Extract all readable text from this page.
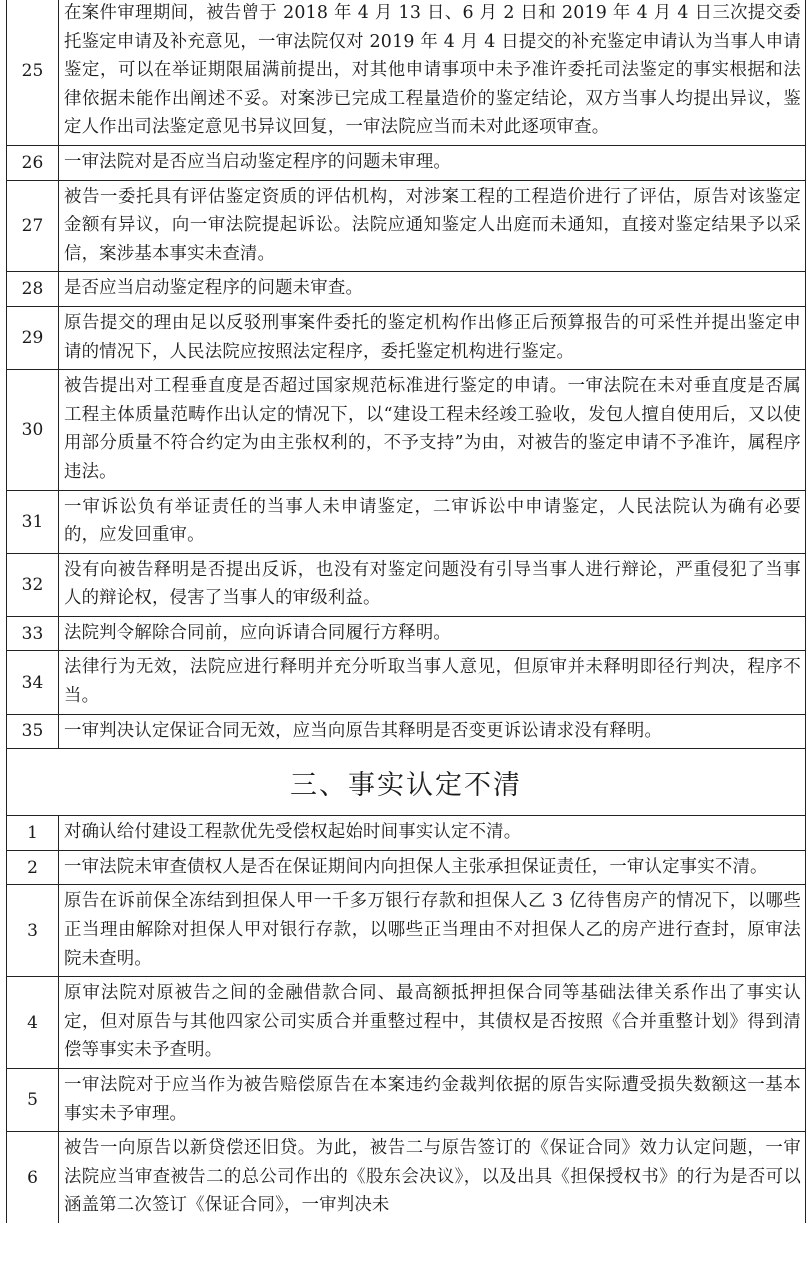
25	在案件审理期间，被告曾于 2018 年 4 月 13 日、6 月 2 日和 2019 年 4 月 4 日三次提交委托鉴定申请及补充意见，一审法院仅对 2019 年 4 月 4 日提交的补充鉴定申请认为当事人申请鉴定，可以在举证期限届满前提出，对其他申请事项中未予准许委托司法鉴定的事实根据和法律依据未能作出阐述不妥。对案涉已完成工程量造价的鉴定结论，双方当事人均提出异议，鉴定人作出司法鉴定意见书异议回复，一审法院应当而未对此逐项审查。
26	一审法院对是否应当启动鉴定程序的问题未审理。
27	被告一委托具有评估鉴定资质的评估机构，对涉案工程的工程造价进行了评估，原告对该鉴定金额有异议，向一审法院提起诉讼。法院应通知鉴定人出庭而未通知，直接对鉴定结果予以采信，案涉基本事实未查清。
28	是否应当启动鉴定程序的问题未审查。
29	原告提交的理由足以反驳刑事案件委托的鉴定机构作出修正后预算报告的可采性并提出鉴定申请的情况下，人民法院应按照法定程序，委托鉴定机构进行鉴定。
30	被告提出对工程垂直度是否超过国家规范标准进行鉴定的申请。一审法院在未对垂直度是否属工程主体质量范畴作出认定的情况下，以“建设工程未经竣工验收，发包人擅自使用后，又以使用部分质量不符合约定为由主张权利的，不予支持”为由，对被告的鉴定申请不予准许，属程序违法。
31	一审诉讼负有举证责任的当事人未申请鉴定，二审诉讼中申请鉴定，人民法院认为确有必要的，应发回重审。
32	没有向被告释明是否提出反诉，也没有对鉴定问题没有引导当事人进行辩论，严重侵犯了当事人的辩论权，侵害了当事人的审级利益。
33	法院判令解除合同前，应向诉请合同履行方释明。
34	法律行为无效，法院应进行释明并充分听取当事人意见，但原审并未释明即径行判决，程序不当。
35	一审判决认定保证合同无效，应当向原告其释明是否变更诉讼请求没有释明。
三、事实认定不清	
1	对确认给付建设工程款优先受偿权起始时间事实认定不清。
2	一审法院未审查债权人是否在保证期间内向担保人主张承担保证责任，一审认定事实不清。
3	原告在诉前保全冻结到担保人甲一千多万银行存款和担保人乙 3 亿待售房产的情况下，以哪些正当理由解除对担保人甲对银行存款，以哪些正当理由不对担保人乙的房产进行查封，原审法院未查明。
4	原审法院对原被告之间的金融借款合同、最高额抵押担保合同等基础法律关系作出了事实认定，但对原告与其他四家公司实质合并重整过程中，其债权是否按照《合并重整计划》得到清偿等事实未予查明。
5	一审法院对于应当作为被告赔偿原告在本案违约金裁判依据的原告实际遭受损失数额这一基本事实未予审理。
6	被告一向原告以新贷偿还旧贷。为此，被告二与原告签订的《保证合同》效力认定问题，一审法院应当审查被告二的总公司作出的《股东会决议》，以及出具《担保授权书》的行为是否可以涵盖第二次签订《保证合同》，一审判决未
